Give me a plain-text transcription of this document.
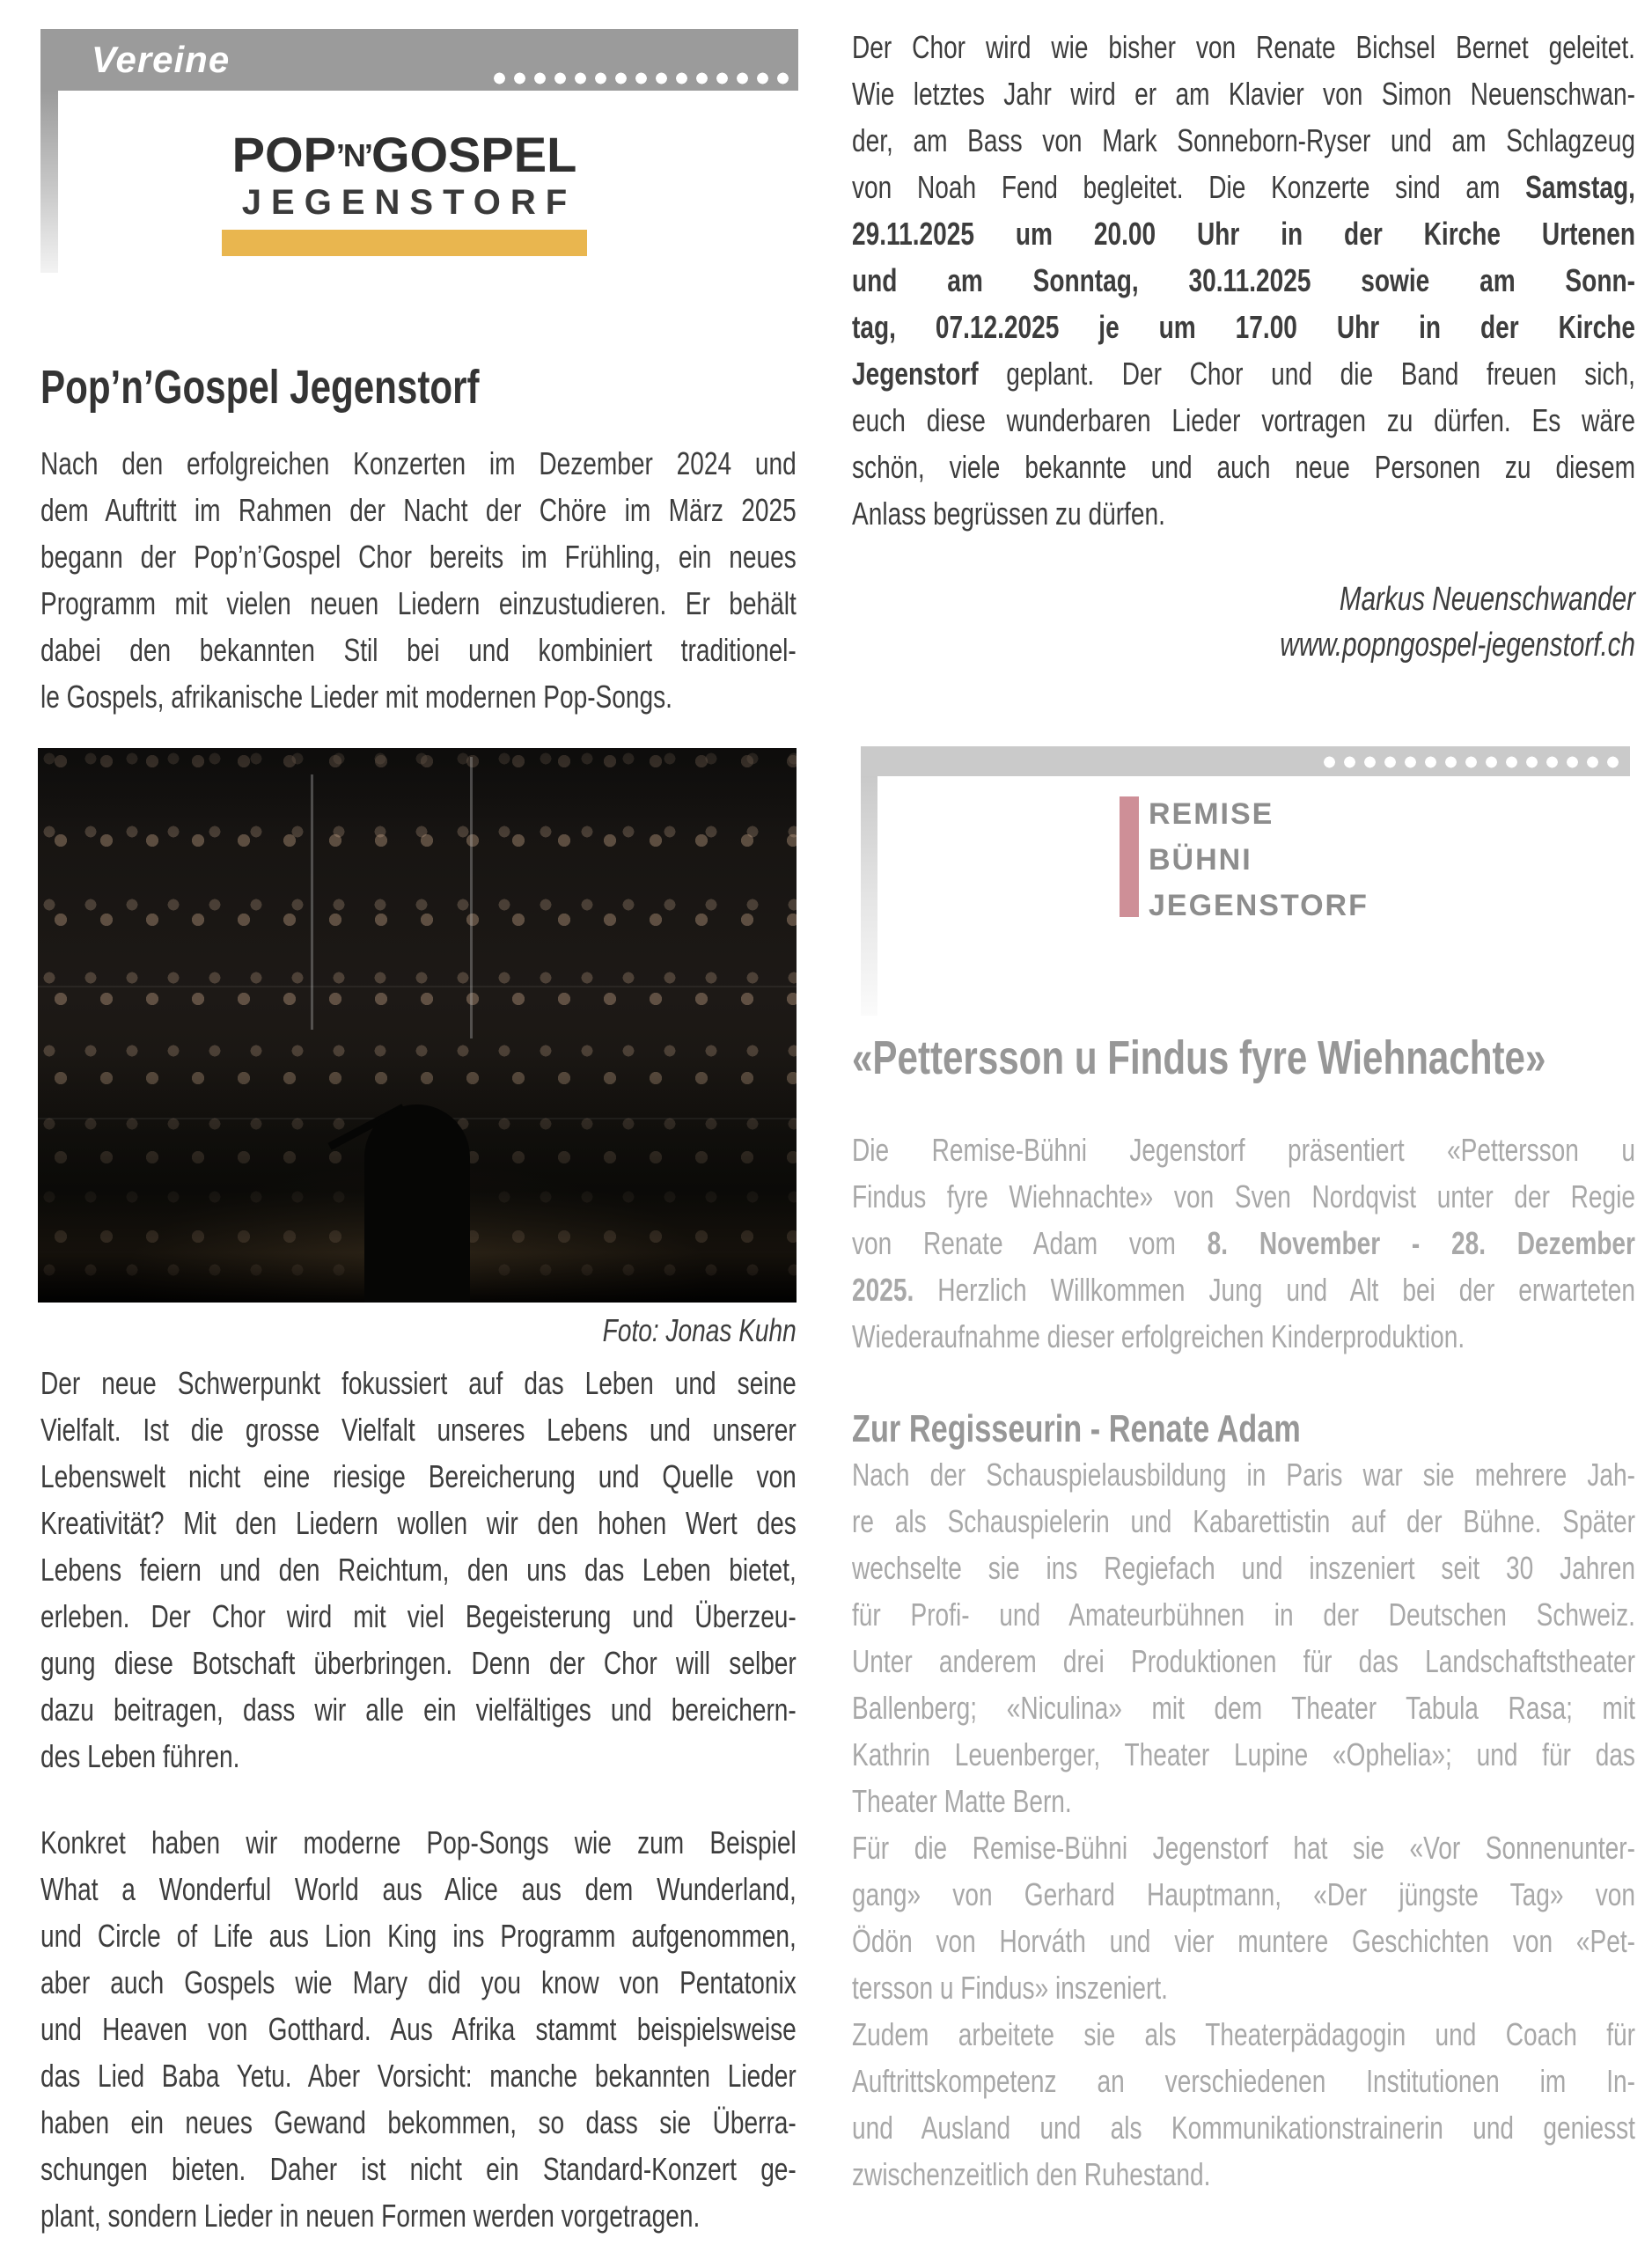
Vereine
POP’N’GOSPEL
JEGENSTORF
Pop’n’Gospel Jegenstorf
Nach den erfolgreichen Konzerten im Dezember 2024 und
dem Auftritt im Rahmen der Nacht der Chöre im März 2025
begann der Pop’n’Gospel Chor bereits im Frühling, ein neues
Programm mit vielen neuen Liedern einzustudieren. Er behält
dabei den bekannten Stil bei und kombiniert traditionel-
le Gospels, afrikanische Lieder mit modernen Pop-Songs.
Foto: Jonas Kuhn
Der neue Schwerpunkt fokussiert auf das Leben und seine
Vielfalt. Ist die grosse Vielfalt unseres Lebens und unserer
Lebenswelt nicht eine riesige Bereicherung und Quelle von
Kreativität? Mit den Liedern wollen wir den hohen Wert des
Lebens feiern und den Reichtum, den uns das Leben bietet,
erleben. Der Chor wird mit viel Begeisterung und Überzeu-
gung diese Botschaft überbringen. Denn der Chor will selber
dazu beitragen, dass wir alle ein vielfältiges und bereichern-
des Leben führen.
Konkret haben wir moderne Pop-Songs wie zum Beispiel
What a Wonderful World aus Alice aus dem Wunderland,
und Circle of Life aus Lion King ins Programm aufgenommen,
aber auch Gospels wie Mary did you know von Pentatonix
und Heaven von Gotthard. Aus Afrika stammt beispielsweise
das Lied Baba Yetu. Aber Vorsicht: manche bekannten Lieder
haben ein neues Gewand bekommen, so dass sie Überra-
schungen bieten. Daher ist nicht ein Standard-Konzert ge-
plant, sondern Lieder in neuen Formen werden vorgetragen.
Der Chor wird wie bisher von Renate Bichsel Bernet geleitet.
Wie letztes Jahr wird er am Klavier von Simon Neuenschwan-
der, am Bass von Mark Sonneborn-Ryser und am Schlagzeug
von Noah Fend begleitet. Die Konzerte sind am Samstag,
29.11.2025 um 20.00 Uhr in der Kirche Urtenen
und am Sonntag, 30.11.2025 sowie am Sonn-
tag, 07.12.2025 je um 17.00 Uhr in der Kirche
Jegenstorf geplant. Der Chor und die Band freuen sich,
euch diese wunderbaren Lieder vortragen zu dürfen. Es wäre
schön, viele bekannte und auch neue Personen zu diesem
Anlass begrüssen zu dürfen.
Markus Neuenschwander
www.popngospel-jegenstorf.ch
REMISE
BÜHNI
JEGENSTORF
«Pettersson u Findus fyre Wiehnachte»
Die Remise-Bühni Jegenstorf präsentiert «Pettersson u
Findus fyre Wiehnachte» von Sven Nordqvist unter der Regie
von Renate Adam vom 8. November - 28. Dezember
2025. Herzlich Willkommen Jung und Alt bei der erwarteten
Wiederaufnahme dieser erfolgreichen Kinderproduktion.
Zur Regisseurin - Renate Adam
Nach der Schauspielausbildung in Paris war sie mehrere Jah-
re als Schauspielerin und Kabarettistin auf der Bühne. Später
wechselte sie ins Regiefach und inszeniert seit 30 Jahren
für Profi- und Amateurbühnen in der Deutschen Schweiz.
Unter anderem drei Produktionen für das Landschaftstheater
Ballenberg; «Niculina» mit dem Theater Tabula Rasa; mit
Kathrin Leuenberger, Theater Lupine «Ophelia»; und für das
Theater Matte Bern.
Für die Remise-Bühni Jegenstorf hat sie «Vor Sonnenunter-
gang» von Gerhard Hauptmann, «Der jüngste Tag» von
Ödön von Horváth und vier muntere Geschichten von «Pet-
tersson u Findus» inszeniert.
Zudem arbeitete sie als Theaterpädagogin und Coach für
Auftrittskompetenz an verschiedenen Institutionen im In-
und Ausland und als Kommunikationstrainerin und geniesst
zwischenzeitlich den Ruhestand.
